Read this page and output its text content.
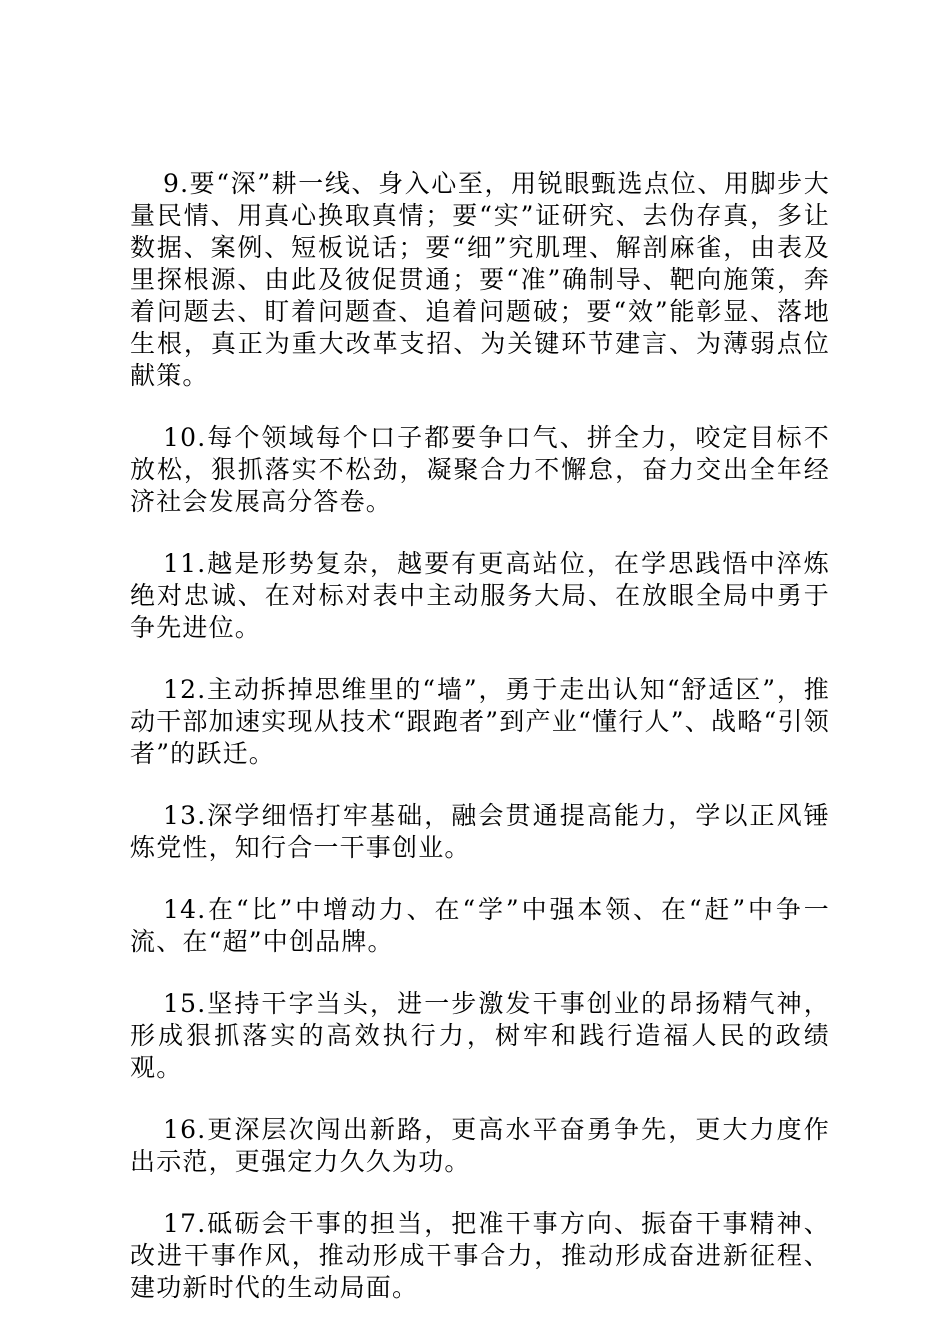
9.要“深”耕一线、身入心至，用锐眼甄选点位、用脚步大量民情、用真心换取真情；要“实”证研究、去伪存真，多让数据、案例、短板说话；要“细”究肌理、解剖麻雀，由表及里探根源、由此及彼促贯通；要“准”确制导、靶向施策，奔着问题去、盯着问题查、追着问题破；要“效”能彰显、落地生根，真正为重大改革支招、为关键环节建言、为薄弱点位献策。

10.每个领域每个口子都要争口气、拼全力，咬定目标不放松，狠抓落实不松劲，凝聚合力不懈怠，奋力交出全年经济社会发展高分答卷。

11.越是形势复杂，越要有更高站位，在学思践悟中淬炼绝对忠诚、在对标对表中主动服务大局、在放眼全局中勇于争先进位。

12.主动拆掉思维里的“墙”，勇于走出认知“舒适区”，推动干部加速实现从技术“跟跑者”到产业“懂行人”、战略“引领者”的跃迁。

13.深学细悟打牢基础，融会贯通提高能力，学以正风锤炼党性，知行合一干事创业。

14.在“比”中增动力、在“学”中强本领、在“赶”中争一流、在“超”中创品牌。

15.坚持干字当头，进一步激发干事创业的昂扬精气神，形成狠抓落实的高效执行力，树牢和践行造福人民的政绩观。

16.更深层次闯出新路，更高水平奋勇争先，更大力度作出示范，更强定力久久为功。

17.砥砺会干事的担当，把准干事方向、振奋干事精神、改进干事作风，推动形成干事合力，推动形成奋进新征程、建功新时代的生动局面。
